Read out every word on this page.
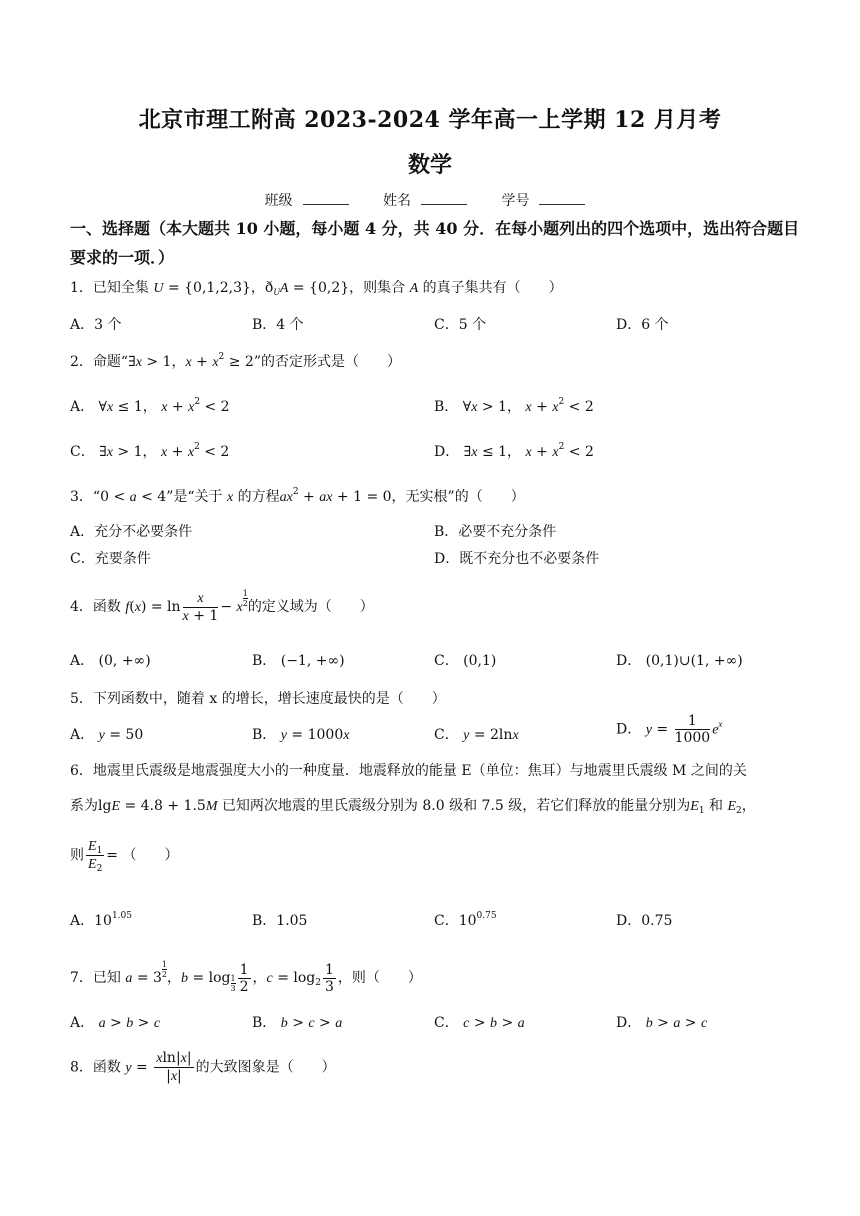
北京市理工附高 2023-2024 学年高一上学期 12 月月考
数学
班级	姓名	学号
一、选择题（本大题共 10 小题，每小题 4 分，共 40 分．在每小题列出的四个选项中，选出符合题目要求的一项．）
1．已知全集 U = {0,1,2,3}，$ð_UA = \{0,2\}$，则集合 A 的真子集共有（　　）
A．3 个	B．4 个	C．5 个	D．6 个
2．命题“∃x > 1，$x + x^2 \ge 2$”的否定形式是（　　）
A． ∀x ≤ 1， $x + x^2 < 2$	B． ∀x > 1， $x + x^2 < 2$
C． ∃x > 1， $x + x^2 < 2$	D． ∃x ≤ 1， $x + x^2 < 2$
3．“0 < a < 4”是“关于 x 的方程$ax^2$ + ax + 1 = 0，无实根”的（　　）
A．充分不必要条件	B．必要不充分条件
C．充要条件	D．既不充分也不必要条件
4．函数 $f(x) = \ln \frac{x}{x + 1} - x \frac{1}{2}$ 的定义域为（　　）
A． (0, +∞)	B． (−1, +∞)	C． (0,1)	D． (0,1)∪(1, +∞)
5．下列函数中，随着 x 的增长，增长速度最快的是（　　）
A． y = 50	B． y = 1000x	C． y = 2lnx	D． $y = \frac{1}{1000} e^x$
6．地震里氏震级是地震强度大小的一种度量．地震释放的能量 E（单位：焦耳）与地震里氏震级 M 之间的关
系为lgE = 4.8 + 1.5M 已知两次地震的里氏震级分别为 8.0 级和 7.5 级，若它们释放的能量分别为$E_1$ 和 $E_2$，
则 $\frac{E_1}{E_2}$ = （　　）
A．$10^{1.05}$	B．1.05	C．$10^{0.75}$	D．0.75
7．已知 $a = 3 \frac{1}{2}$ ，$b = \log _{\frac{1}{3}} \frac{1}{2}$ ，$c = \log_2 \frac{1}{3}$ ，则（　　）
A． a > b > c	B． b > c > a	C． c > b > a	D． b > a > c
8．函数 $y = \frac{xln|x|}{|x|}$ 的大致图象是（　　）
